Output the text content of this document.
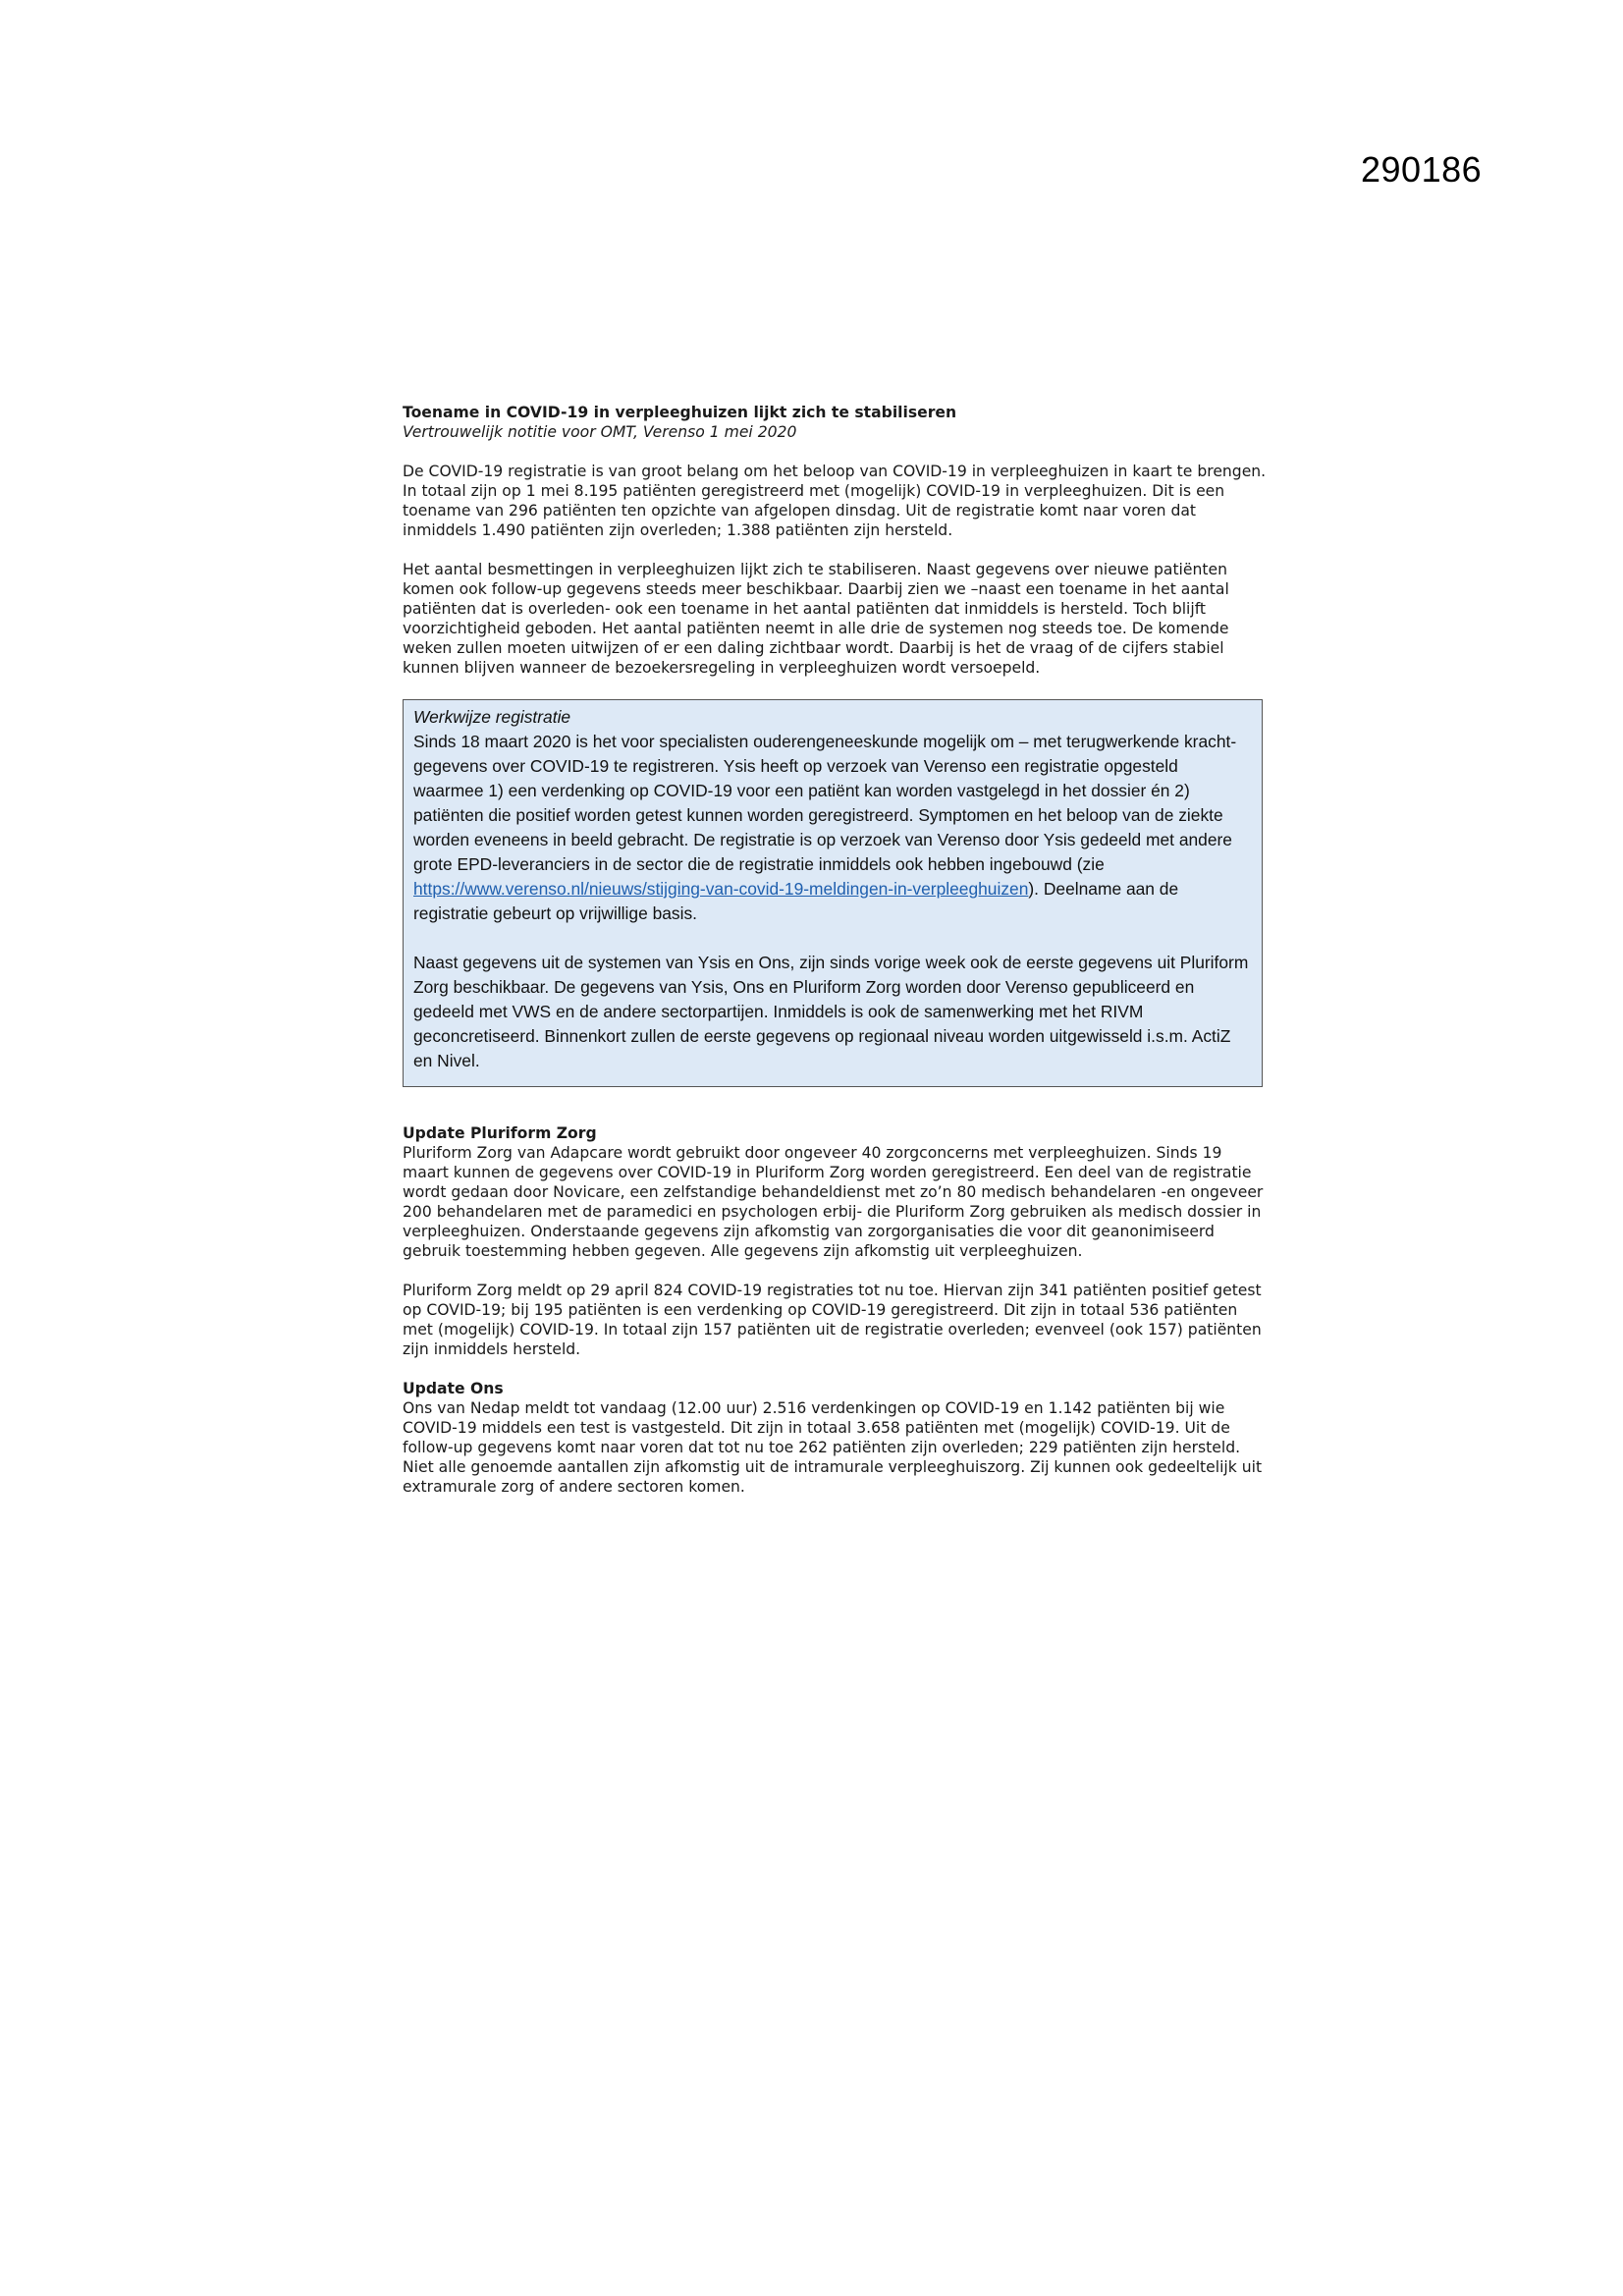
290186
Toename in COVID-19 in verpleeghuizen lijkt zich te stabiliseren
Vertrouwelijk notitie voor OMT, Verenso 1 mei 2020

De COVID-19 registratie is van groot belang om het beloop van COVID-19 in verpleeghuizen in kaart te brengen. In totaal zijn op 1 mei 8.195 patiënten geregistreerd met (mogelijk) COVID-19 in verpleeghuizen. Dit is een toename van 296 patiënten ten opzichte van afgelopen dinsdag. Uit de registratie komt naar voren dat inmiddels 1.490 patiënten zijn overleden; 1.388 patiënten zijn hersteld.

Het aantal besmettingen in verpleeghuizen lijkt zich te stabiliseren. Naast gegevens over nieuwe patiënten komen ook follow-up gegevens steeds meer beschikbaar. Daarbij zien we –naast een toename in het aantal patiënten dat is overleden- ook een toename in het aantal patiënten dat inmiddels is hersteld. Toch blijft voorzichtigheid geboden. Het aantal patiënten neemt in alle drie de systemen nog steeds toe. De komende weken zullen moeten uitwijzen of er een daling zichtbaar wordt. Daarbij is het de vraag of de cijfers stabiel kunnen blijven wanneer de bezoekersregeling in verpleeghuizen wordt versoepeld.

Werkwijze registratie

Sinds 18 maart 2020 is het voor specialisten ouderengeneeskunde mogelijk om – met terugwerkende kracht- gegevens over COVID-19 te registreren. Ysis heeft op verzoek van Verenso een registratie opgesteld waarmee 1) een verdenking op COVID-19 voor een patiënt kan worden vastgelegd in het dossier én 2) patiënten die positief worden getest kunnen worden geregistreerd. Symptomen en het beloop van de ziekte worden eveneens in beeld gebracht. De registratie is op verzoek van Verenso door Ysis gedeeld met andere grote EPD-leveranciers in de sector die de registratie inmiddels ook hebben ingebouwd (zie https://www.verenso.nl/nieuws/stijging-van-covid-19-meldingen-in-verpleeghuizen). Deelname aan de registratie gebeurt op vrijwillige basis.

Naast gegevens uit de systemen van Ysis en Ons, zijn sinds vorige week ook de eerste gegevens uit Pluriform Zorg beschikbaar. De gegevens van Ysis, Ons en Pluriform Zorg worden door Verenso gepubliceerd en gedeeld met VWS en de andere sectorpartijen. Inmiddels is ook de samenwerking met het RIVM geconcretiseerd. Binnenkort zullen de eerste gegevens op regionaal niveau worden uitgewisseld i.s.m. ActiZ en Nivel.

Update Pluriform Zorg

Pluriform Zorg van Adapcare wordt gebruikt door ongeveer 40 zorgconcerns met verpleeghuizen. Sinds 19 maart kunnen de gegevens over COVID-19 in Pluriform Zorg worden geregistreerd. Een deel van de registratie wordt gedaan door Novicare, een zelfstandige behandeldienst met zo’n 80 medisch behandelaren -en ongeveer 200 behandelaren met de paramedici en psychologen erbij- die Pluriform Zorg gebruiken als medisch dossier in verpleeghuizen. Onderstaande gegevens zijn afkomstig van zorgorganisaties die voor dit geanonimiseerd gebruik toestemming hebben gegeven. Alle gegevens zijn afkomstig uit verpleeghuizen.

Pluriform Zorg meldt op 29 april 824 COVID-19 registraties tot nu toe. Hiervan zijn 341 patiënten positief getest op COVID-19; bij 195 patiënten is een verdenking op COVID-19 geregistreerd. Dit zijn in totaal 536 patiënten met (mogelijk) COVID-19. In totaal zijn 157 patiënten uit de registratie overleden; evenveel (ook 157) patiënten zijn inmiddels hersteld.

Update Ons

Ons van Nedap meldt tot vandaag (12.00 uur) 2.516 verdenkingen op COVID-19 en 1.142 patiënten bij wie COVID-19 middels een test is vastgesteld. Dit zijn in totaal 3.658 patiënten met (mogelijk) COVID-19. Uit de follow-up gegevens komt naar voren dat tot nu toe 262 patiënten zijn overleden; 229 patiënten zijn hersteld. Niet alle genoemde aantallen zijn afkomstig uit de intramurale verpleeghuiszorg. Zij kunnen ook gedeeltelijk uit extramurale zorg of andere sectoren komen.
